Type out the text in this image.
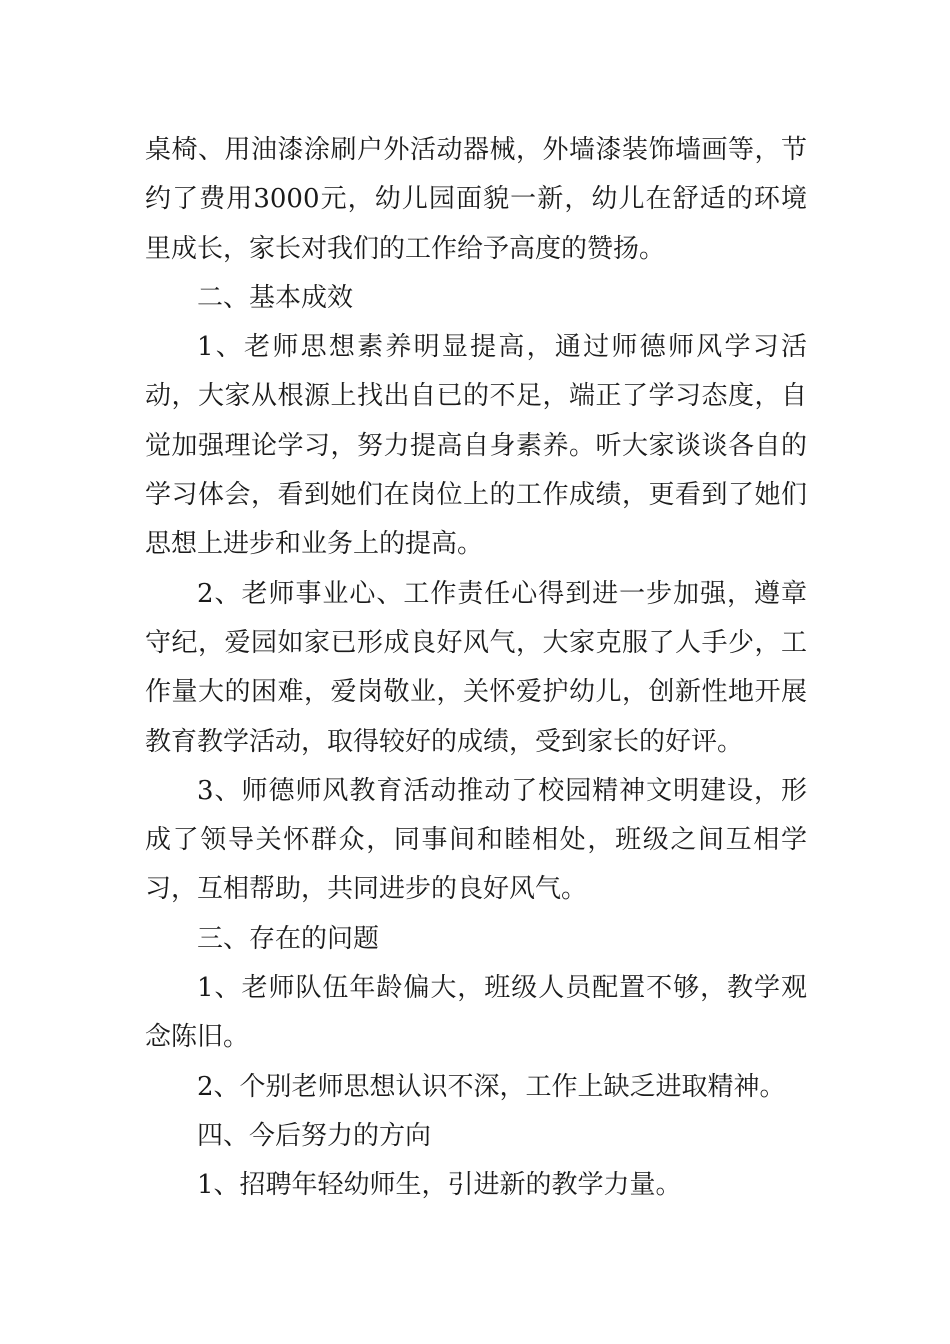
桌椅、用油漆涂刷户外活动器械，外墙漆装饰墙画等，节约了费用3000元，幼儿园面貌一新，幼儿在舒适的环境里成长，家长对我们的工作给予高度的赞扬。

二、基本成效

1、老师思想素养明显提高，通过师德师风学习活动，大家从根源上找出自已的不足，端正了学习态度，自觉加强理论学习，努力提高自身素养。听大家谈谈各自的学习体会，看到她们在岗位上的工作成绩，更看到了她们思想上进步和业务上的提高。

2、老师事业心、工作责任心得到进一步加强，遵章守纪，爱园如家已形成良好风气，大家克服了人手少，工作量大的困难，爱岗敬业，关怀爱护幼儿，创新性地开展教育教学活动，取得较好的成绩，受到家长的好评。

3、师德师风教育活动推动了校园精神文明建设，形成了领导关怀群众，同事间和睦相处，班级之间互相学习，互相帮助，共同进步的良好风气。

三、存在的问题

1、老师队伍年龄偏大，班级人员配置不够，教学观念陈旧。

2、个别老师思想认识不深，工作上缺乏进取精神。

四、今后努力的方向

1、招聘年轻幼师生，引进新的教学力量。
